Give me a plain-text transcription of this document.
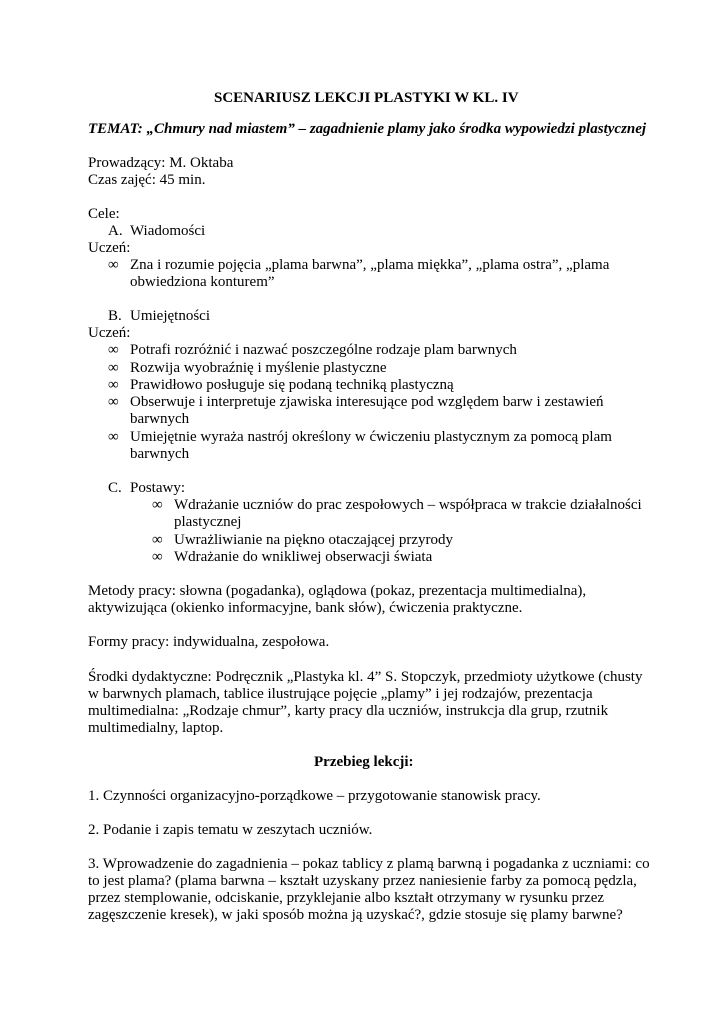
SCENARIUSZ LEKCJI PLASTYKI W KL. IV
TEMAT: „Chmury nad miastem” – zagadnienie plamy jako środka wypowiedzi plastycznej
Prowadzący: M. Oktaba
Czas zajęć: 45 min.
Cele:
A. Wiadomości
Uczeń:
∞ Zna i rozumie pojęcia „plama barwna”, „plama miękka”, „plama ostra”, „plama
obwiedziona konturem”
B. Umiejętności
Uczeń:
∞ Potrafi rozróżnić i nazwać poszczególne rodzaje plam barwnych
∞ Rozwija wyobraźnię i myślenie plastyczne
∞ Prawidłowo posługuje się podaną techniką plastyczną
∞ Obserwuje i interpretuje zjawiska interesujące pod względem barw i zestawień
barwnych
∞ Umiejętnie wyraża nastrój określony w ćwiczeniu plastycznym za pomocą plam
barwnych
C. Postawy:
∞ Wdrażanie uczniów do prac zespołowych – współpraca w trakcie działalności
plastycznej
∞ Uwrażliwianie na piękno otaczającej przyrody
∞ Wdrażanie do wnikliwej obserwacji świata
Metody pracy: słowna (pogadanka), oglądowa (pokaz, prezentacja multimedialna),
aktywizująca (okienko informacyjne, bank słów), ćwiczenia praktyczne.
Formy pracy: indywidualna, zespołowa.
Środki dydaktyczne: Podręcznik „Plastyka kl. 4” S. Stopczyk, przedmioty użytkowe (chusty
w barwnych plamach, tablice ilustrujące pojęcie „plamy” i jej rodzajów, prezentacja
multimedialna: „Rodzaje chmur”, karty pracy dla uczniów, instrukcja dla grup, rzutnik
multimedialny, laptop.
Przebieg lekcji:
1. Czynności organizacyjno-porządkowe – przygotowanie stanowisk pracy.
2. Podanie i zapis tematu w zeszytach uczniów.
3. Wprowadzenie do zagadnienia – pokaz tablicy z plamą barwną i pogadanka z uczniami: co
to jest plama? (plama barwna – kształt uzyskany przez naniesienie farby za pomocą pędzla,
przez stemplowanie, odciskanie, przyklejanie albo kształt otrzymany w rysunku przez
zagęszczenie kresek), w jaki sposób można ją uzyskać?, gdzie stosuje się plamy barwne?
